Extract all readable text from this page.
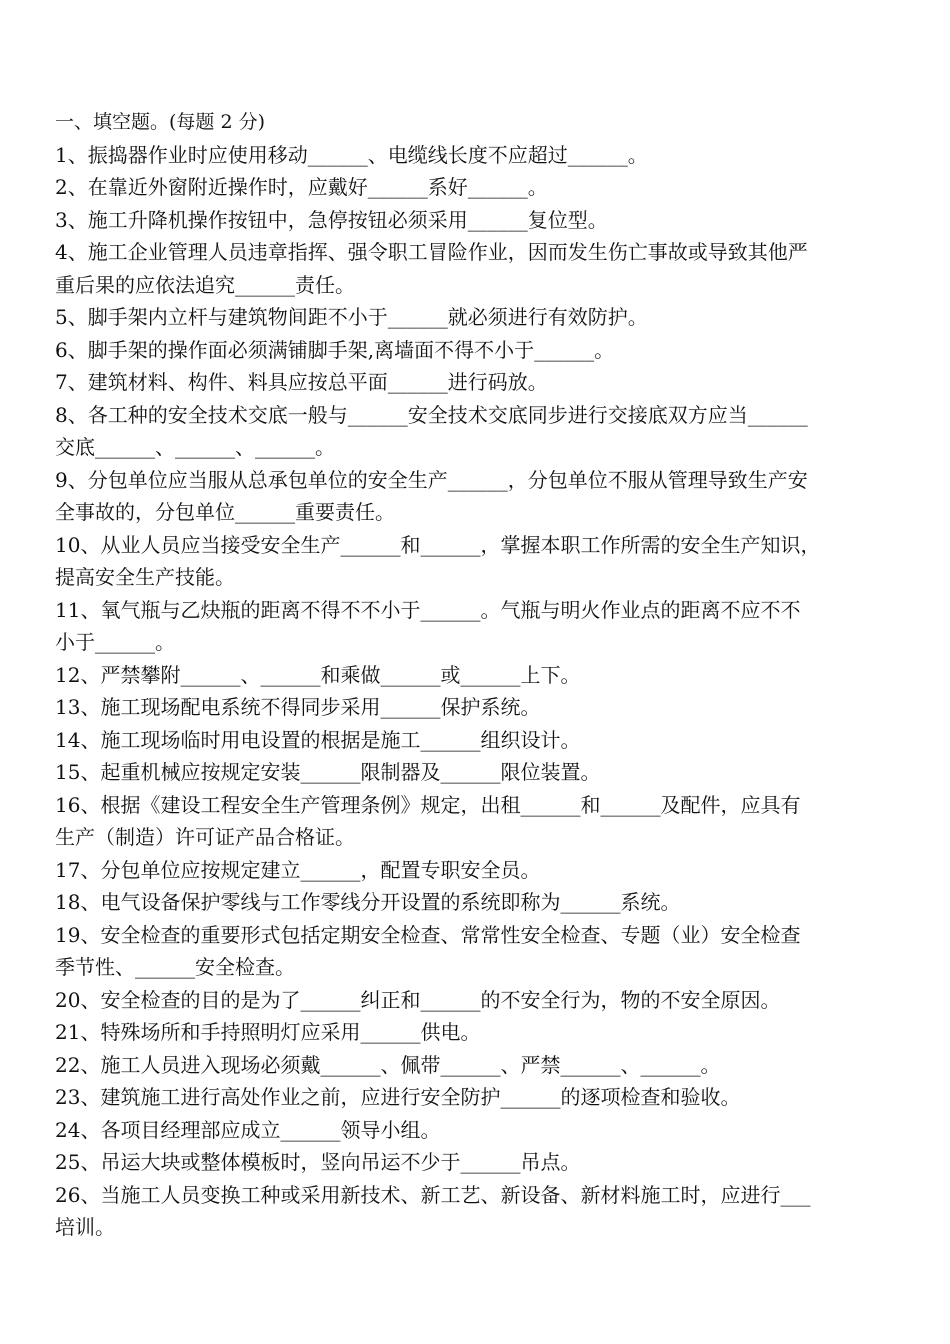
一、填空题。(每题 2 分)
1、振捣器作业时应使用移动______、电缆线长度不应超过______。
2、在靠近外窗附近操作时，应戴好______系好______。
3、施工升降机操作按钮中，急停按钮必须采用______复位型。
4、施工企业管理人员违章指挥、强令职工冒险作业，因而发生伤亡事故或导致其他严
重后果的应依法追究______责任。
5、脚手架内立杆与建筑物间距不小于______就必须进行有效防护。
6、脚手架的操作面必须满铺脚手架,离墙面不得不小于______。
7、建筑材料、构件、料具应按总平面______进行码放。
8、各工种的安全技术交底一般与______安全技术交底同步进行交接底双方应当______
交底______、______、______。
9、分包单位应当服从总承包单位的安全生产______，分包单位不服从管理导致生产安
全事故的，分包单位______重要责任。
10、从业人员应当接受安全生产______和______，掌握本职工作所需的安全生产知识，
提高安全生产技能。
11、氧气瓶与乙炔瓶的距离不得不不小于______。气瓶与明火作业点的距离不应不不
小于______。
12、严禁攀附______、______和乘做______或______上下。
13、施工现场配电系统不得同步采用______保护系统。
14、施工现场临时用电设置的根据是施工______组织设计。
15、起重机械应按规定安装______限制器及______限位装置。
16、根据《建设工程安全生产管理条例》规定，出租______和______及配件，应具有
生产（制造）许可证产品合格证。
17、分包单位应按规定建立______，配置专职安全员。
18、电气设备保护零线与工作零线分开设置的系统即称为______系统。
19、安全检查的重要形式包括定期安全检查、常常性安全检查、专题（业）安全检查
季节性、______安全检查。
20、安全检查的目的是为了______纠正和______的不安全行为，物的不安全原因。
21、特殊场所和手持照明灯应采用______供电。
22、施工人员进入现场必须戴______、佩带______、严禁______、______。
23、建筑施工进行高处作业之前，应进行安全防护______的逐项检查和验收。
24、各项目经理部应成立______领导小组。
25、吊运大块或整体模板时，竖向吊运不少于______吊点。
26、当施工人员变换工种或采用新技术、新工艺、新设备、新材料施工时，应进行___
培训。
